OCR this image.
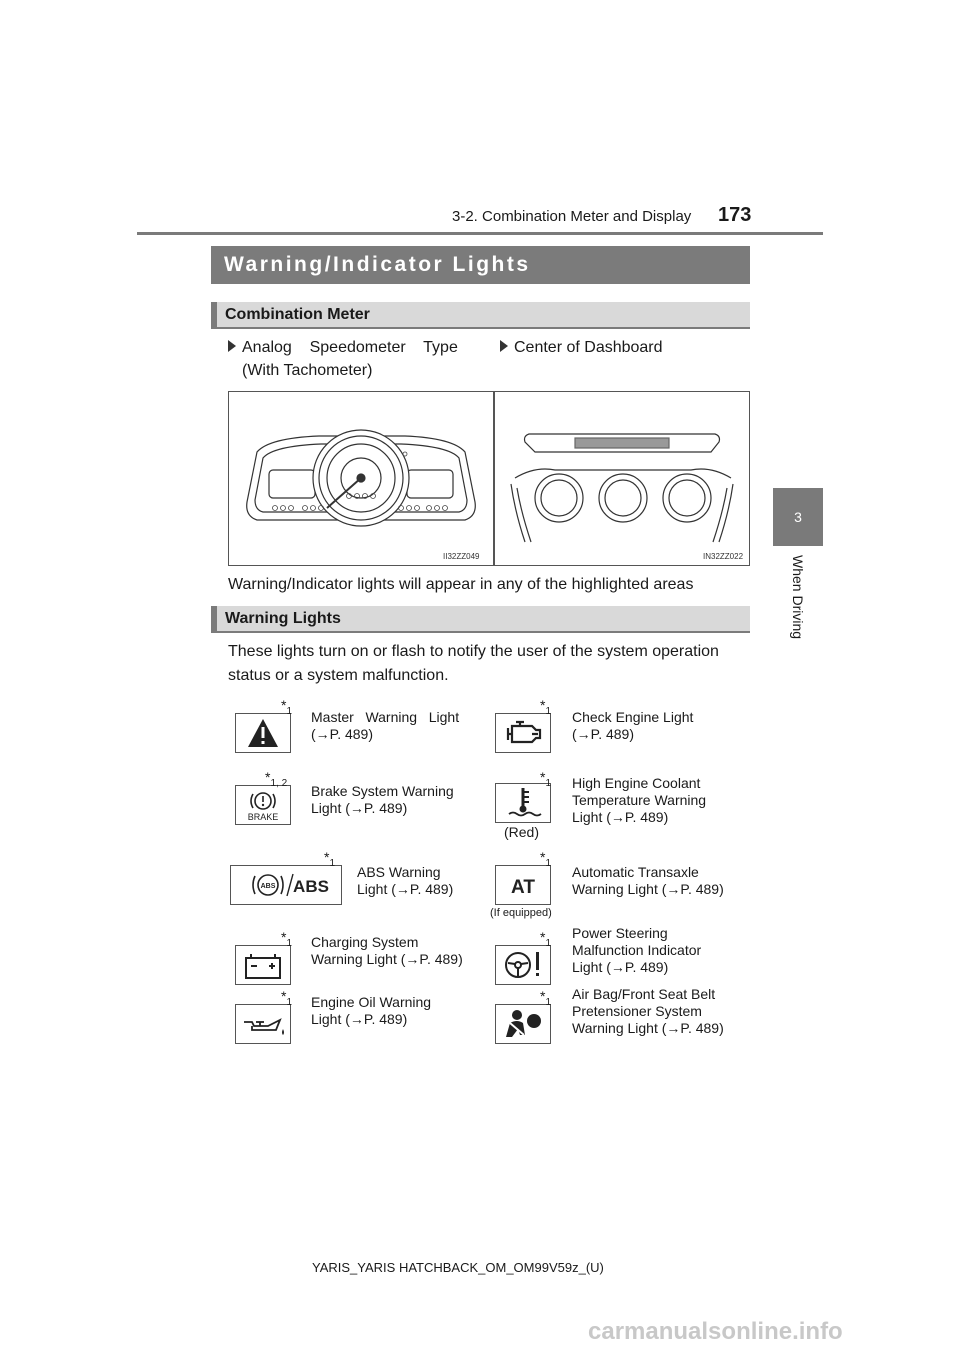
3-2. Combination Meter and Display 173
3
When Driving
Warning/Indicator Lights
Combination Meter
Analog    Speedometer    Type
(With Tachometer)
Center of Dashboard
II32ZZ049	IN32ZZ022
Warning/Indicator lights will appear in any of the highlighted areas
Warning Lights
These lights turn on or flash to notify the user of the system operation
status or a system malfunction.
$*_1$ Master   Warning   Light
(→P. 489)
$*_1$ Check Engine Light
(→P. 489)
BRAKE
$*_{1, 2}$ Brake System Warning
Light (→P. 489)
$*_1$
(Red)
High Engine Coolant
Temperature Warning
Light (→P. 489)
ABS ABS
$*_1$
ABS Warning
Light (→P. 489)	AT
$*_1$
(If equipped)
Automatic Transaxle
Warning Light (→P. 489)
$*_1$ Charging System
Warning Light (→P. 489)
$*_1$
Power Steering
Malfunction Indicator
Light (→P. 489)
$*_1$ Engine Oil Warning
Light (→P. 489)
$*_1$
Air Bag/Front Seat Belt
Pretensioner System
Warning Light (→P. 489)
YARIS_YARIS HATCHBACK_OM_OM99V59z_(U)
carmanualsonline.info
